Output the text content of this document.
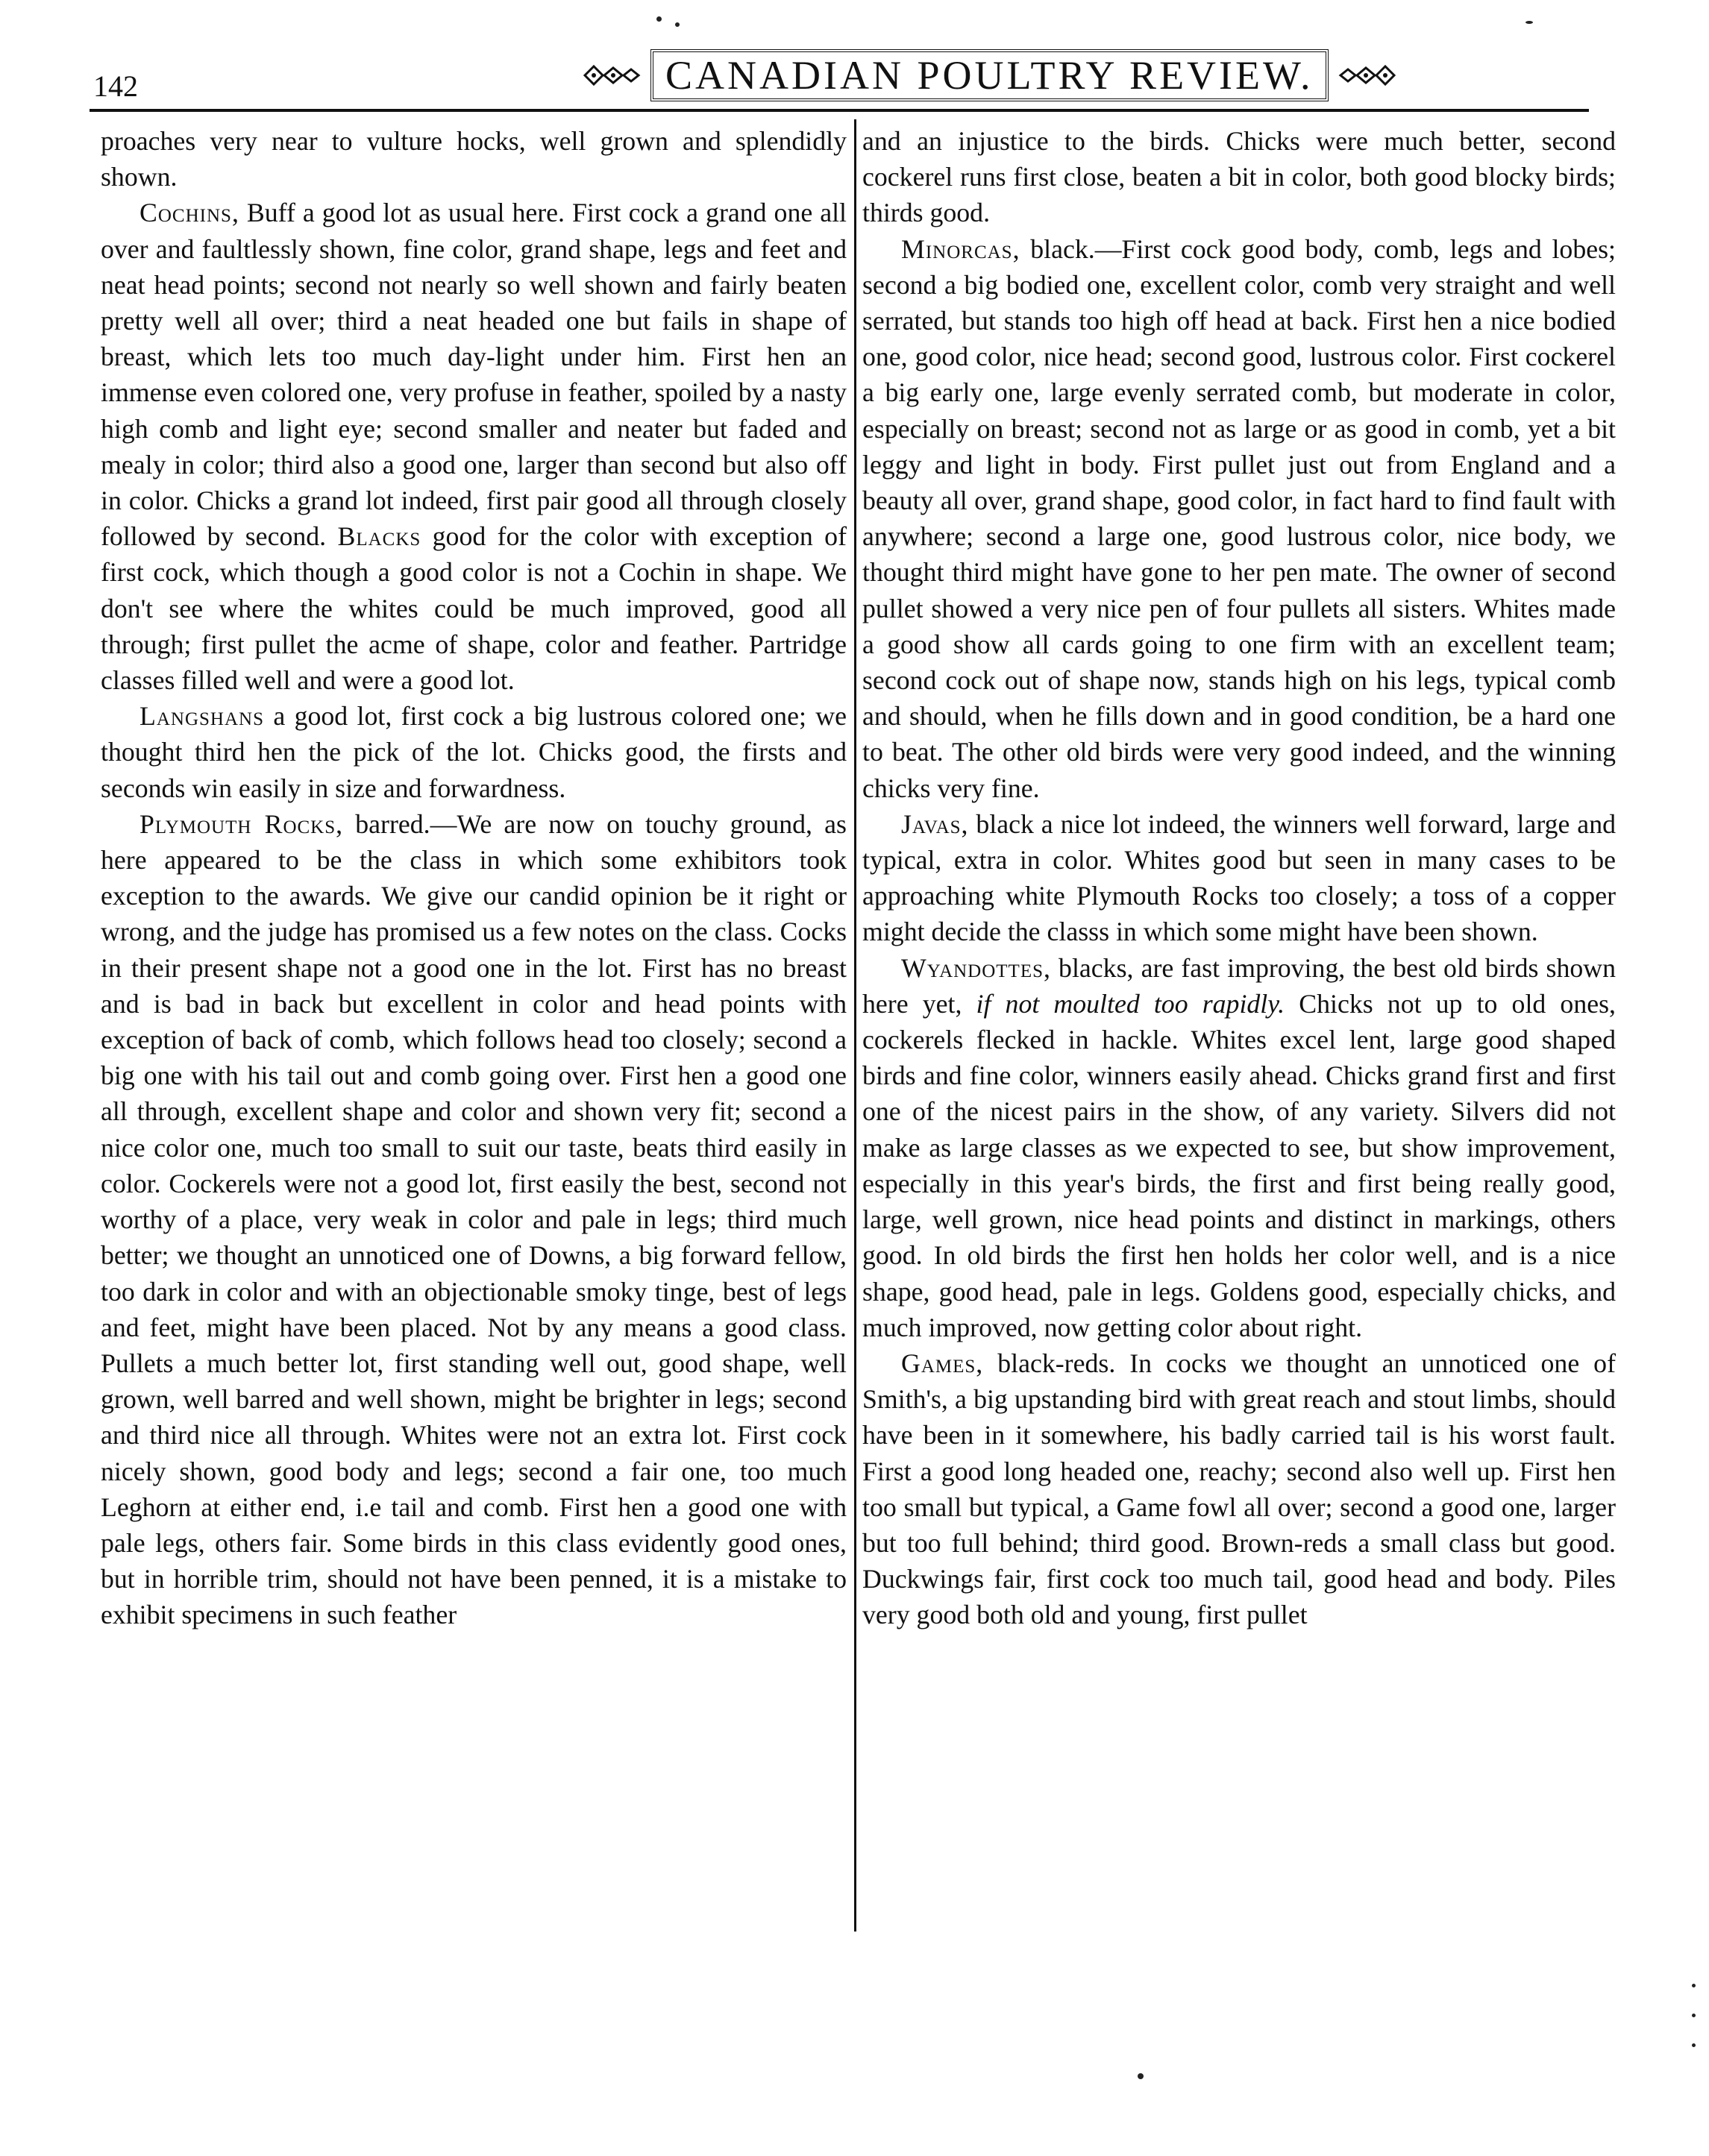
142	CANADIAN POULTRY REVIEW.

proaches very near to vulture hocks, well grown and splendidly shown.

Cochins, Buff a good lot as usual here. First cock a grand one all over and faultlessly shown, fine color, grand shape, legs and feet and neat head points; second not nearly so well shown and fairly beaten pretty well all over; third a neat headed one but fails in shape of breast, which lets too much day-light under him. First hen an immense even colored one, very profuse in feather, spoiled by a nasty high comb and light eye; second smaller and neater but faded and mealy in color; third also a good one, larger than second but also off in color. Chicks a grand lot indeed, first pair good all through closely followed by second. Blacks good for the color with exception of first cock, which though a good color is not a Cochin in shape. We don't see where the whites could be much improved, good all through; first pullet the acme of shape, color and feather. Partridge classes filled well and were a good lot.

Langshans a good lot, first cock a big lustrous colored one; we thought third hen the pick of the lot. Chicks good, the firsts and seconds win easily in size and forwardness.

Plymouth Rocks, barred.—We are now on touchy ground, as here appeared to be the class in which some exhibitors took exception to the awards. We give our candid opinion be it right or wrong, and the judge has promised us a few notes on the class. Cocks in their present shape not a good one in the lot. First has no breast and is bad in back but excellent in color and head points with exception of back of comb, which follows head too closely; second a big one with his tail out and comb going over. First hen a good one all through, excellent shape and color and shown very fit; second a nice color one, much too small to suit our taste, beats third easily in color. Cockerels were not a good lot, first easily the best, second not worthy of a place, very weak in color and pale in legs; third much better; we thought an unnoticed one of Downs, a big forward fellow, too dark in color and with an objectionable smoky tinge, best of legs and feet, might have been placed. Not by any means a good class. Pullets a much better lot, first standing well out, good shape, well grown, well barred and well shown, might be brighter in legs; second and third nice all through. Whites were not an extra lot. First cock nicely shown, good body and legs; second a fair one, too much Leghorn at either end, i.e tail and comb. First hen a good one with pale legs, others fair. Some birds in this class evidently good ones, but in horrible trim, should not have been penned, it is a mistake to exhibit specimens in such feather

and an injustice to the birds. Chicks were much better, second cockerel runs first close, beaten a bit in color, both good blocky birds; thirds good.

Minorcas, black.—First cock good body, comb, legs and lobes; second a big bodied one, excellent color, comb very straight and well serrated, but stands too high off head at back. First hen a nice bodied one, good color, nice head; second good, lustrous color. First cockerel a big early one, large evenly serrated comb, but moderate in color, especially on breast; second not as large or as good in comb, yet a bit leggy and light in body. First pullet just out from England and a beauty all over, grand shape, good color, in fact hard to find fault with anywhere; second a large one, good lustrous color, nice body, we thought third might have gone to her pen mate. The owner of second pullet showed a very nice pen of four pullets all sisters. Whites made a good show all cards going to one firm with an excellent team; second cock out of shape now, stands high on his legs, typical comb and should, when he fills down and in good condition, be a hard one to beat. The other old birds were very good indeed, and the winning chicks very fine.

Javas, black a nice lot indeed, the winners well forward, large and typical, extra in color. Whites good but seen in many cases to be approaching white Plymouth Rocks too closely; a toss of a copper might decide the classs in which some might have been shown.

Wyandottes, blacks, are fast improving, the best old birds shown here yet, if not moulted too rapidly. Chicks not up to old ones, cockerels flecked in hackle. Whites excel lent, large good shaped birds and fine color, winners easily ahead. Chicks grand first and first one of the nicest pairs in the show, of any variety. Silvers did not make as large classes as we expected to see, but show improvement, especially in this year's birds, the first and first being really good, large, well grown, nice head points and distinct in markings, others good. In old birds the first hen holds her color well, and is a nice shape, good head, pale in legs. Goldens good, especially chicks, and much improved, now getting color about right.

Games, black-reds. In cocks we thought an unnoticed one of Smith's, a big upstanding bird with great reach and stout limbs, should have been in it somewhere, his badly carried tail is his worst fault. First a good long headed one, reachy; second also well up. First hen too small but typical, a Game fowl all over; second a good one, larger but too full behind; third good. Brown-reds a small class but good. Duckwings fair, first cock too much tail, good head and body. Piles very good both old and young, first pullet
